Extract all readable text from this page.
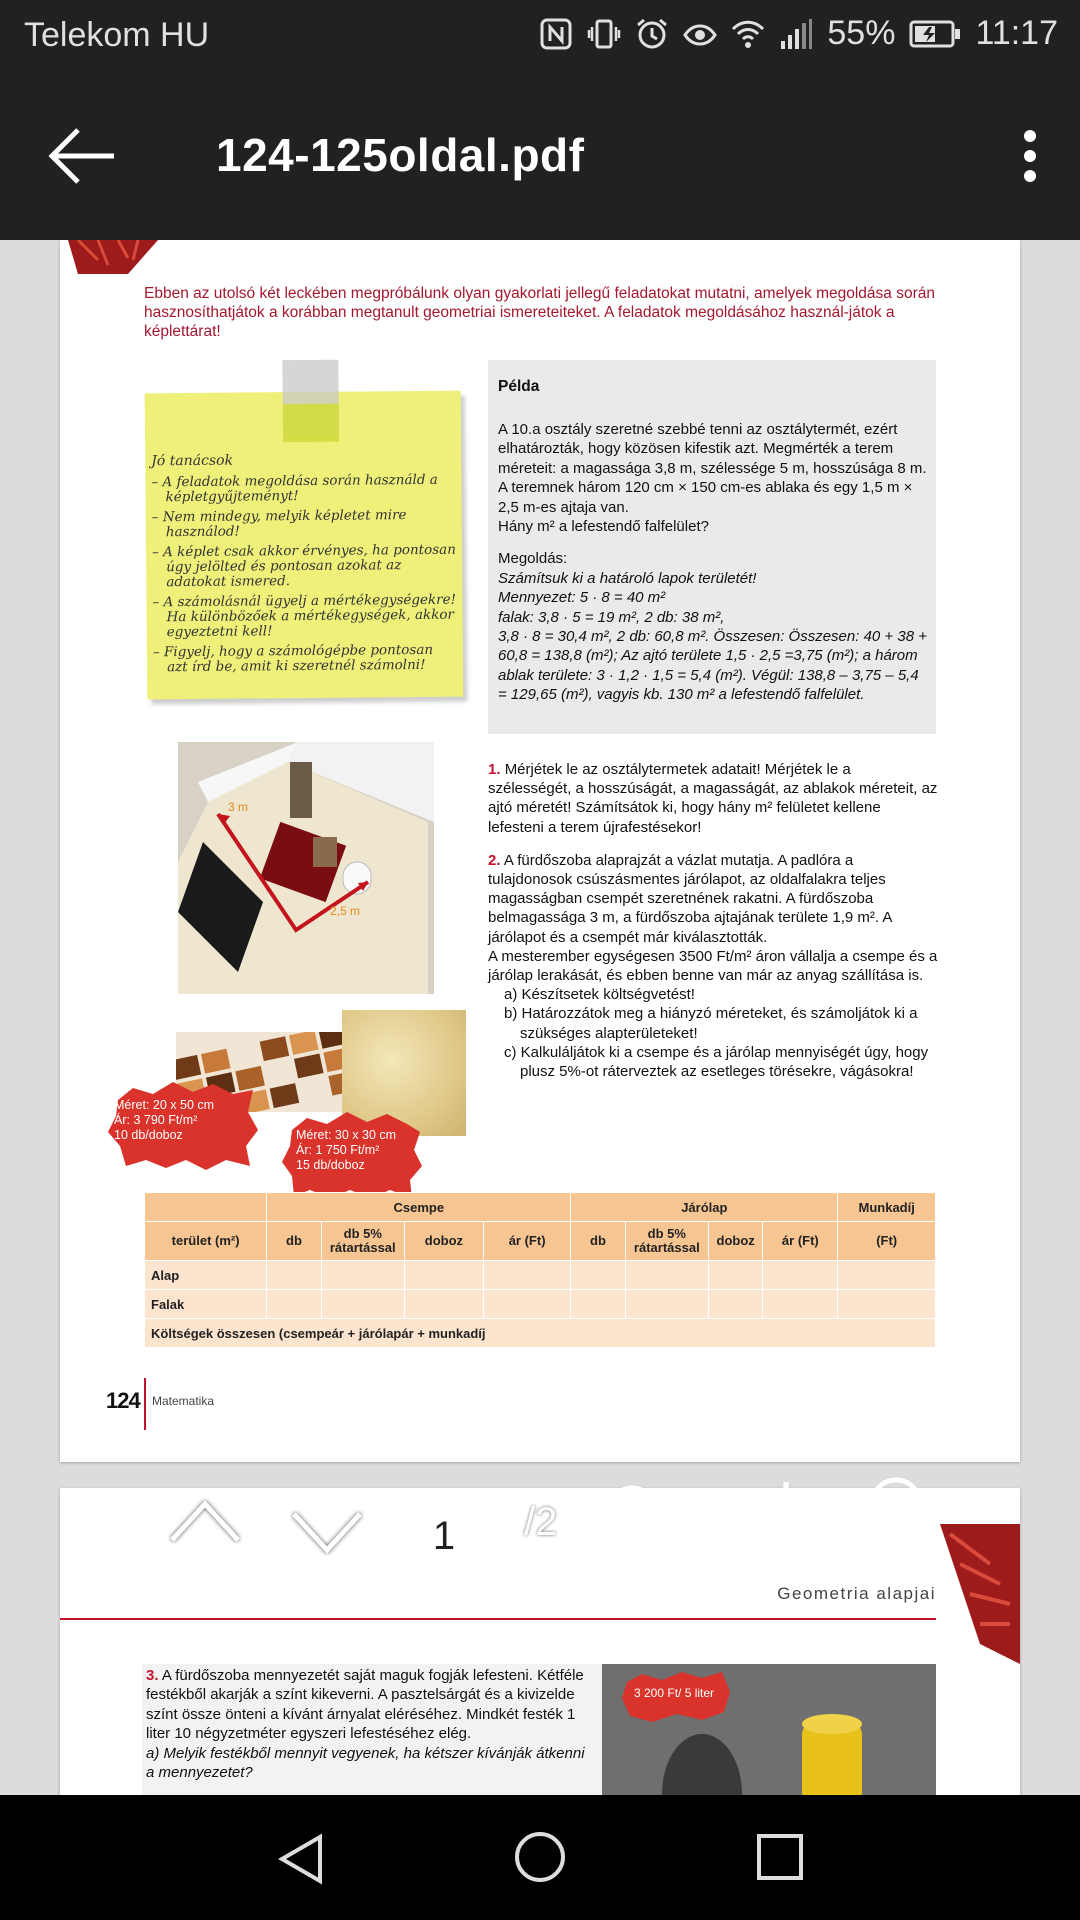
Telekom HU	55% 11:17
124-125oldal.pdf
Ebben az utolsó két leckében megpróbálunk olyan gyakorlati jellegű feladatokat mutatni, amelyek megoldása során hasznosíthatjátok a korábban megtanult geometriai ismereteiteket. A feladatok megoldásához használ-játok a képlettárat!
Jó tanácsok
– A feladatok megoldása során használd a képletgyűjteményt!
– Nem mindegy, melyik képletet mire használod!
– A képlet csak akkor érvényes, ha pontosan úgy jelölted és pontosan azokat az adatokat ismered.
– A számolásnál ügyelj a mértékegységekre! Ha különbözőek a mértékegységek, akkor egyeztetni kell!
– Figyelj, hogy a számológépbe pontosan azt írd be, amit ki szeretnél számolni!
Példa

A 10.a osztály szeretné szebbé tenni az osztálytermét, ezért elhatározták, hogy közösen kifestik azt. Megmérték a terem méreteit: a magassága 3,8 m, szélessége 5 m, hosszúsága 8 m. A teremnek három 120 cm × 150 cm-es ablaka és egy 1,5 m × 2,5 m-es ajtaja van.

Hány m² a lefestendő falfelület?

Megoldás:
Számítsuk ki a határoló lapok területét!
Mennyezet: 5 · 8 = 40 m²
falak: 3,8 · 5 = 19 m², 2 db: 38 m²,
3,8 · 8 = 30,4 m², 2 db: 60,8 m². Összesen: Összesen: 40 + 38 + 60,8 = 138,8 (m²); Az ajtó területe 1,5 · 2,5 =3,75 (m²); a három ablak területe: 3 · 1,2 · 1,5 = 5,4 (m²). Végül: 138,8 – 3,75 – 5,4 = 129,65 (m²), vagyis kb. 130 m² a lefestendő falfelület.
3 m
2,5 m
Méret: 20 x 50 cm
Ár: 3 790 Ft/m²
10 db/doboz	Méret: 30 x 30 cm
Ár: 1 750 Ft/m²
15 db/doboz

1. Mérjétek le az osztálytermetek adatait! Mérjétek le a szélességét, a hosszúságát, a magasságát, az ablakok méreteit, az ajtó méretét! Számítsátok ki, hogy hány m² felületet kellene lefesteni a terem újrafestésekor!

2. A fürdőszoba alaprajzát a vázlat mutatja. A padlóra a tulajdonosok csúszásmentes járólapot, az oldalfalakra teljes magasságban csempét szeretnének rakatni. A fürdőszoba belmagassága 3 m, a fürdőszoba ajtajának területe 1,9 m². A járólapot és a csempét már kiválasztották.

A mesterember egységesen 3500 Ft/m² áron vállalja a csempe és a járólap lerakását, és ebben benne van már az anyag szállítása is.

a) Készítsetek költségvetést!

b) Határozzátok meg a hiányzó méreteket, és számoljátok ki a szükséges alapterületeket!

c) Kalkuláljátok ki a csempe és a járólap mennyiségét úgy, hogy plusz 5%-ot ráterveztek az esetleges törésekre, vágásokra!

	Csempe				Járólap				Munkadíj
terület (m²)	db	db 5% rátartással	doboz	ár (Ft)	db	db 5% rátartással	doboz	ár (Ft)	(Ft)
Alap									
Falak									
Költségek összesen (csempeár + járólapár + munkadíj									
124 Matematika
Geometria alapjai
3 200 Ft/ 5 liter
3. A fürdőszoba mennyezetét saját maguk fogják lefesteni. Kétféle festékből akarják a színt kikeverni. A pasztelsárgát és a kivizelde színt össze önteni a kívánt árnyalat eléréséhez. Mindkét festék 1 liter 10 négyzetméter egyszeri lefestéséhez elég.
a) Melyik festékből mennyit vegyenek, ha kétszer kívánják átkenni a mennyezetet?
1	/2
